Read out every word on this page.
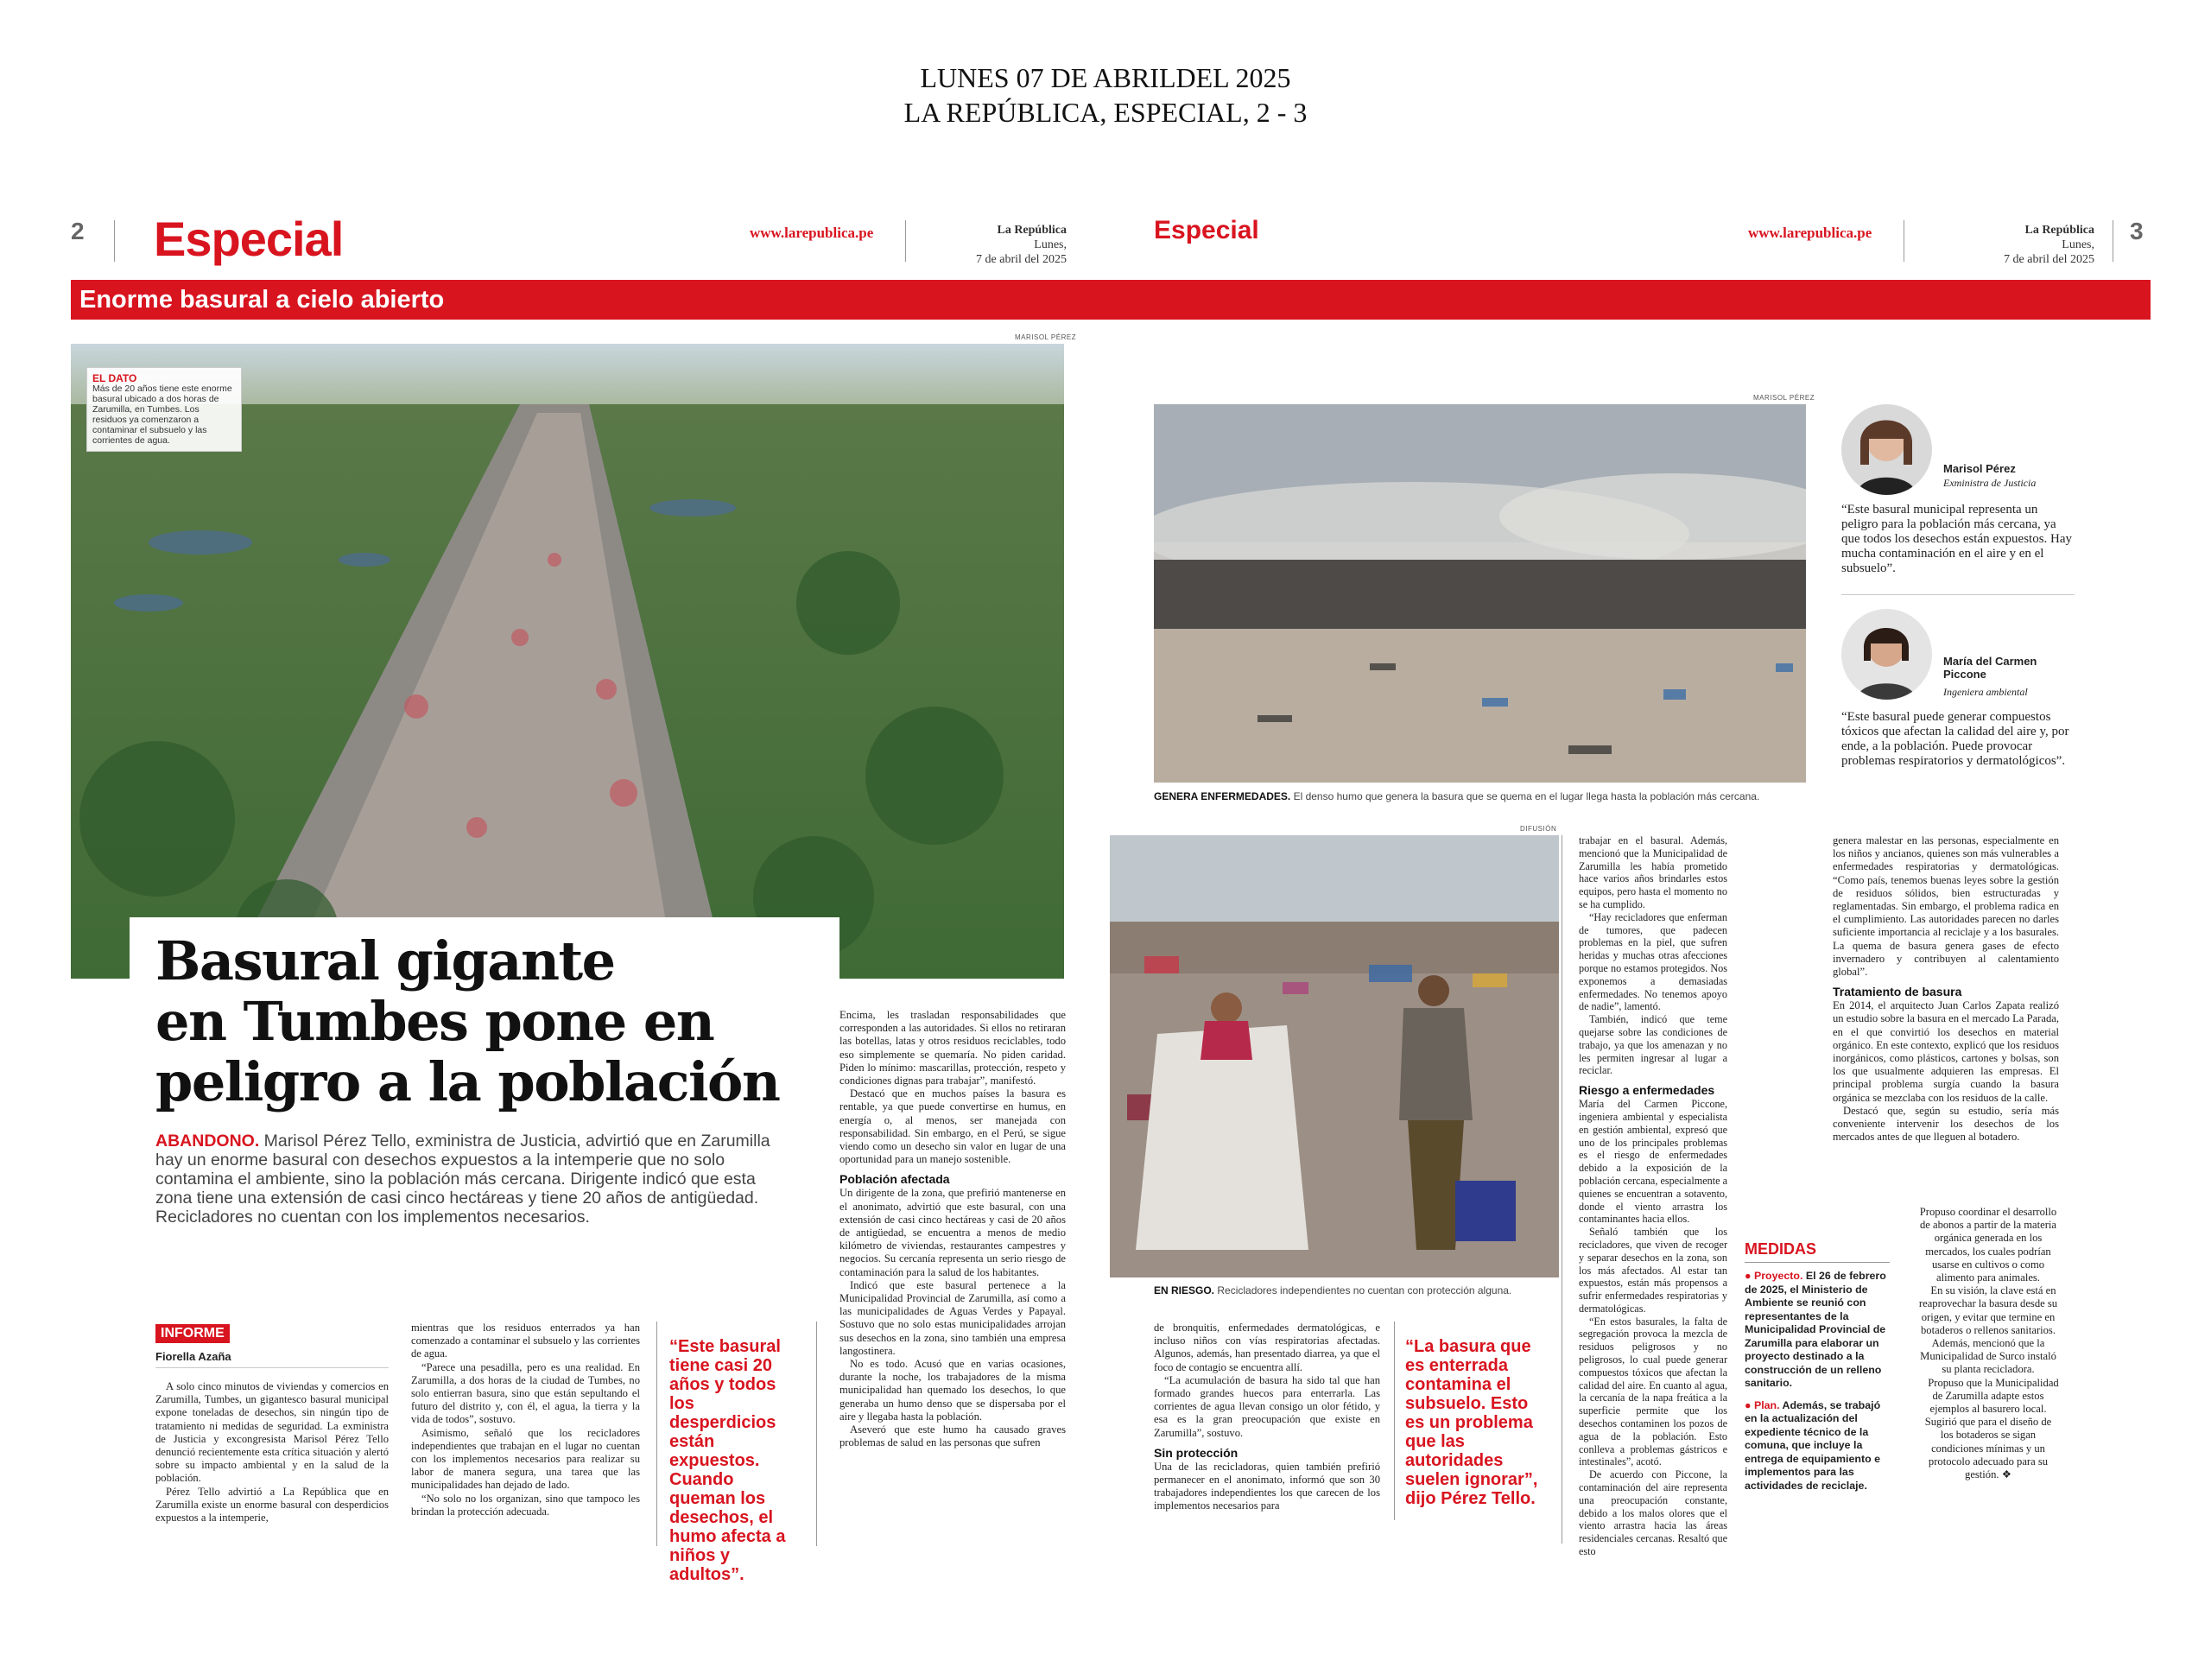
LUNES 07 DE ABRILDEL 2025
LA REPÚBLICA, ESPECIAL, 2 - 3
2 Especial	www.larepublica.pe	La República
Lunes,
7 de abril del 2025
Especial	www.larepublica.pe	La República
Lunes,
7 de abril del 2025
3
Enorme basural a cielo abierto
MARISOL PÉREZ
EL DATO
Más de 20 años tiene este enorme basural ubicado a dos horas de Zarumilla, en Tumbes. Los residuos ya comenzaron a contaminar el subsuelo y las corrientes de agua.
Basural gigante
en Tumbes pone en
peligro a la población
ABANDONO. Marisol Pérez Tello, exministra de Justicia, advirtió que en Zarumilla hay un enorme basural con desechos expuestos a la intemperie que no solo contamina el ambiente, sino la población más cercana. Dirigente indicó que esta zona tiene una extensión de casi cinco hectáreas y tiene 20 años de antigüedad. Recicladores no cuentan con los implementos necesarios.
INFORME
Fiorella Azaña

A solo cinco minutos de viviendas y comercios en Zarumilla, Tumbes, un gigantesco basural municipal expone toneladas de desechos, sin ningún tipo de tratamiento ni medidas de seguridad. La exministra de Justicia y excongresista Marisol Pérez Tello denunció recientemente esta crítica situación y alertó sobre su impacto ambiental y en la salud de la población.

Pérez Tello advirtió a La República que en Zarumilla existe un enorme basural con desperdicios expuestos a la intemperie,

mientras que los residuos enterrados ya han comenzado a contaminar el subsuelo y las corrientes de agua.

“Parece una pesadilla, pero es una realidad. En Zarumilla, a dos horas de la ciudad de Tumbes, no solo entierran basura, sino que están sepultando el futuro del distrito y, con él, el agua, la tierra y la vida de todos”, sostuvo.

Asimismo, señaló que los recicladores independientes que trabajan en el lugar no cuentan con los implementos necesarios para realizar su labor de manera segura, una tarea que las municipalidades han dejado de lado.

“No solo no los organizan, sino que tampoco les brindan la protección adecuada.

“Este basural tiene casi 20 años y todos los desperdicios están expuestos. Cuando queman los desechos, el humo afecta a niños y adultos”.

Encima, les trasladan responsabilidades que corresponden a las autoridades. Si ellos no retiraran las botellas, latas y otros residuos reciclables, todo eso simplemente se quemaría. No piden caridad. Piden lo mínimo: mascarillas, protección, respeto y condiciones dignas para trabajar”, manifestó.

Destacó que en muchos países la basura es rentable, ya que puede convertirse en humus, en energía o, al menos, ser manejada con responsabilidad. Sin embargo, en el Perú, se sigue viendo como un desecho sin valor en lugar de una oportunidad para un manejo sostenible.

Población afectada

Un dirigente de la zona, que prefirió mantenerse en el anonimato, advirtió que este basural, con una extensión de casi cinco hectáreas y casi de 20 años de antigüedad, se encuentra a menos de medio kilómetro de viviendas, restaurantes campestres y negocios. Su cercanía representa un serio riesgo de contaminación para la salud de los habitantes.

Indicó que este basural pertenece a la Municipalidad Provincial de Zarumilla, así como a las municipalidades de Aguas Verdes y Papayal. Sostuvo que no solo estas municipalidades arrojan sus desechos en la zona, sino también una empresa langostinera.

No es todo. Acusó que en varias ocasiones, durante la noche, los trabajadores de la misma municipalidad han quemado los desechos, lo que generaba un humo denso que se dispersaba por el aire y llegaba hasta la población.

Aseveró que este humo ha causado graves problemas de salud en las personas que sufren

MARISOL PÉREZ
GENERA ENFERMEDADES. El denso humo que genera la basura que se quema en el lugar llega hasta la población más cercana.
Marisol Pérez
Exministra de Justicia
“Este basural municipal representa un peligro para la población más cercana, ya que todos los desechos están expuestos. Hay mucha contaminación en el aire y en el subsuelo”.
María del Carmen Piccone
Ingeniera ambiental
“Este basural puede generar compuestos tóxicos que afectan la calidad del aire y, por ende, a la población. Puede provocar problemas respiratorios y dermatológicos”.
DIFUSIÓN
EN RIESGO. Recicladores independientes no cuentan con protección alguna.

de bronquitis, enfermedades dermatológicas, e incluso niños con vías respiratorias afectadas. Algunos, además, han presentado diarrea, ya que el foco de contagio se encuentra allí.

“La acumulación de basura ha sido tal que han formado grandes huecos para enterrarla. Las corrientes de agua llevan consigo un olor fétido, y esa es la gran preocupación que existe en Zarumilla”, sostuvo.

Sin protección

Una de las recicladoras, quien también prefirió permanecer en el anonimato, informó que son 30 trabajadores independientes los que carecen de los implementos necesarios para

“La basura que es enterrada contamina el subsuelo. Esto es un problema que las autoridades suelen ignorar”, dijo Pérez Tello.

trabajar en el basural. Además, mencionó que la Municipalidad de Zarumilla les había prometido hace varios años brindarles estos equipos, pero hasta el momento no se ha cumplido.

“Hay recicladores que enferman de tumores, que padecen problemas en la piel, que sufren heridas y muchas otras afecciones porque no estamos protegidos. Nos exponemos a demasiadas enfermedades. No tenemos apoyo de nadie”, lamentó.

También, indicó que teme quejarse sobre las condiciones de trabajo, ya que los amenazan y no les permiten ingresar al lugar a reciclar.

Riesgo a enfermedades

María del Carmen Piccone, ingeniera ambiental y especialista en gestión ambiental, expresó que uno de los principales problemas es el riesgo de enfermedades debido a la exposición de la población cercana, especialmente a quienes se encuentran a sotavento, donde el viento arrastra los contaminantes hacia ellos.

Señaló también que los recicladores, que viven de recoger y separar desechos en la zona, son los más afectados. Al estar tan expuestos, están más propensos a sufrir enfermedades respiratorias y dermatológicas.

“En estos basurales, la falta de segregación provoca la mezcla de residuos peligrosos y no peligrosos, lo cual puede generar compuestos tóxicos que afectan la calidad del aire. En cuanto al agua, la cercanía de la napa freática a la superficie permite que los desechos contaminen los pozos de agua de la población. Esto conlleva a problemas gástricos e intestinales”, acotó.

De acuerdo con Piccone, la contaminación del aire representa una preocupación constante, debido a los malos olores que el viento arrastra hacia las áreas residenciales cercanas. Resaltó que esto

MEDIDAS
● Proyecto. El 26 de febrero de 2025, el Ministerio de Ambiente se reunió con representantes de la Municipalidad Provincial de Zarumilla para elaborar un proyecto destinado a la construcción de un relleno sanitario.
● Plan. Además, se trabajó en la actualización del expediente técnico de la comuna, que incluye la entrega de equipamiento e implementos para las actividades de reciclaje.

genera malestar en las personas, especialmente en los niños y ancianos, quienes son más vulnerables a enfermedades respiratorias y dermatológicas. “Como país, tenemos buenas leyes sobre la gestión de residuos sólidos, bien estructuradas y reglamentadas. Sin embargo, el problema radica en el cumplimiento. Las autoridades parecen no darles suficiente importancia al reciclaje y a los basurales. La quema de basura genera gases de efecto invernadero y contribuyen al calentamiento global”.

Tratamiento de basura

En 2014, el arquitecto Juan Carlos Zapata realizó un estudio sobre la basura en el mercado La Parada, en el que convirtió los desechos en material orgánico. En este contexto, explicó que los residuos inorgánicos, como plásticos, cartones y bolsas, son los que usualmente adquieren las empresas. El principal problema surgía cuando la basura orgánica se mezclaba con los residuos de la calle.

Destacó que, según su estudio, sería más conveniente intervenir los desechos de los mercados antes de que lleguen al botadero.

Propuso coordinar el desarrollo de abonos a partir de la materia orgánica generada en los mercados, los cuales podrían usarse en cultivos o como alimento para animales.

En su visión, la clave está en reaprovechar la basura desde su origen, y evitar que termine en botaderos o rellenos sanitarios. Además, mencionó que la Municipalidad de Surco instaló su planta recicladora.

Propuso que la Municipalidad de Zarumilla adapte estos ejemplos al basurero local. Sugirió que para el diseño de los botaderos se sigan condiciones mínimas y un protocolo adecuado para su gestión. ❖
